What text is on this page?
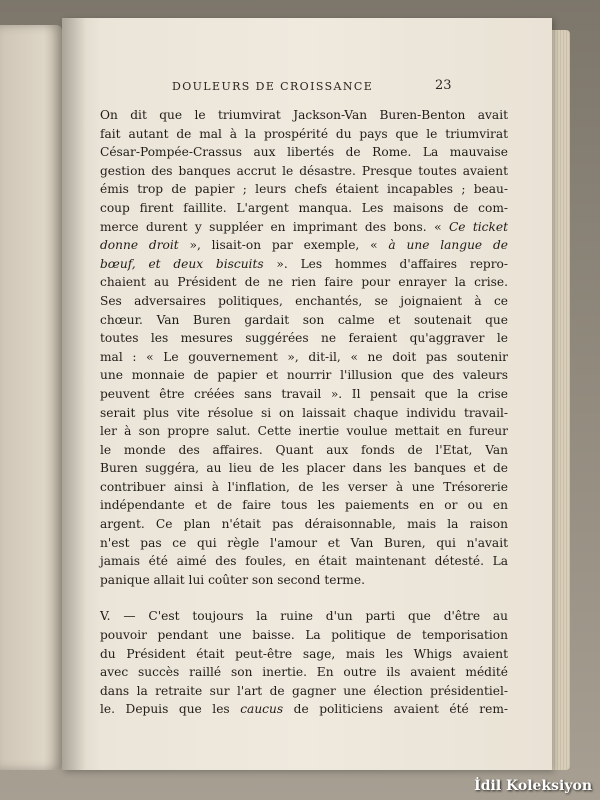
DOULEURS DE CROISSANCE	23

On dit que le triumvirat Jackson-Van Buren-Benton avait
fait autant de mal à la prospérité du pays que le triumvirat
César-Pompée-Crassus aux libertés de Rome. La mauvaise
gestion des banques accrut le désastre. Presque toutes avaient
émis trop de papier ; leurs chefs étaient incapables ; beau-
coup firent faillite. L'argent manqua. Les maisons de com-
merce durent y suppléer en imprimant des bons. « Ce ticket
donne droit », lisait-on par exemple, « à une langue de
bœuf, et deux biscuits ». Les hommes d'affaires repro-
chaient au Président de ne rien faire pour enrayer la crise.
Ses adversaires politiques, enchantés, se joignaient à ce
chœur. Van Buren gardait son calme et soutenait que
toutes les mesures suggérées ne feraient qu'aggraver le
mal : « Le gouvernement », dit-il, « ne doit pas soutenir
une monnaie de papier et nourrir l'illusion que des valeurs
peuvent être créées sans travail ». Il pensait que la crise
serait plus vite résolue si on laissait chaque individu travail-
ler à son propre salut. Cette inertie voulue mettait en fureur
le monde des affaires. Quant aux fonds de l'Etat, Van
Buren suggéra, au lieu de les placer dans les banques et de
contribuer ainsi à l'inflation, de les verser à une Trésorerie
indépendante et de faire tous les paiements en or ou en
argent. Ce plan n'était pas déraisonnable, mais la raison
n'est pas ce qui règle l'amour et Van Buren, qui n'avait
jamais été aimé des foules, en était maintenant détesté. La
panique allait lui coûter son second terme.

V. — C'est toujours la ruine d'un parti que d'être au
pouvoir pendant une baisse. La politique de temporisation
du Président était peut-être sage, mais les Whigs avaient
avec succès raillé son inertie. En outre ils avaient médité
dans la retraite sur l'art de gagner une élection présidentiel-
le. Depuis que les caucus de politiciens avaient été rem-

İdil Koleksiyon
